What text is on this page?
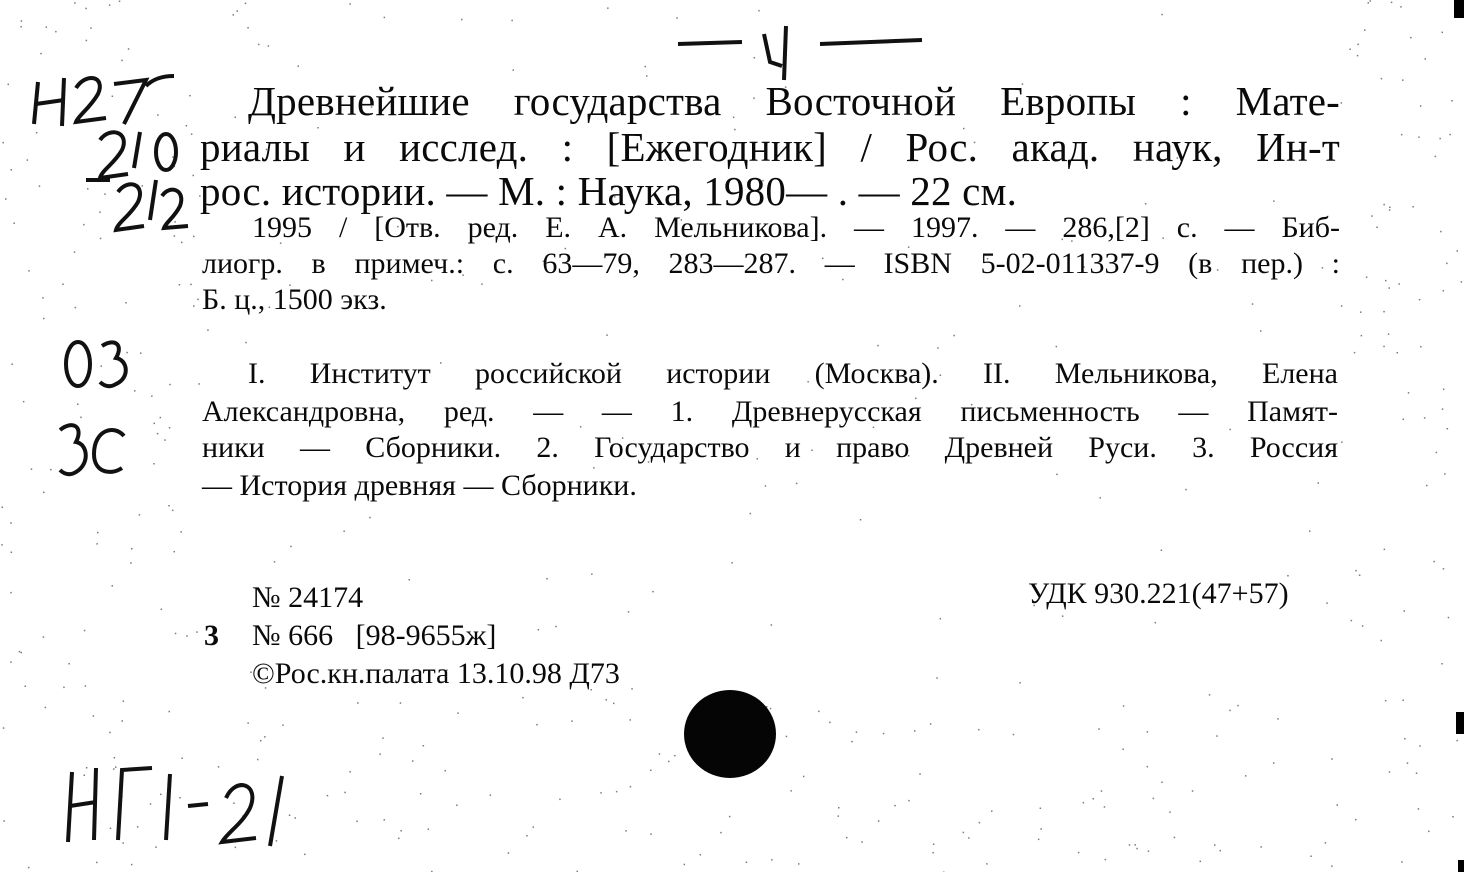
Древнейшие государства Восточной Европы : Мате-
риалы и исслед. : [Ежегодник] / Рос. акад. наук, Ин-т
рос. истории. — М. : Наука, 1980— . — 22 см.
1995 / [Отв. ред. Е. А. Мельникова]. — 1997. — 286,[2] с. — Биб-
лиогр. в примеч.: с. 63—79, 283—287. — ISBN 5-02-011337-9 (в пер.) :
Б. ц., 1500 экз.
I. Институт российской истории (Москва). II. Мельникова, Елена
Александровна, ред. — — 1. Древнерусская письменность — Памят-
ники — Сборники. 2. Государство и право Древней Руси. 3. Россия
— История древняя — Сборники.
№ 24174	УДК 930.221(47+57)
3 № 666   [98-9655ж]
©Рос.кн.палата 13.10.98 Д73
